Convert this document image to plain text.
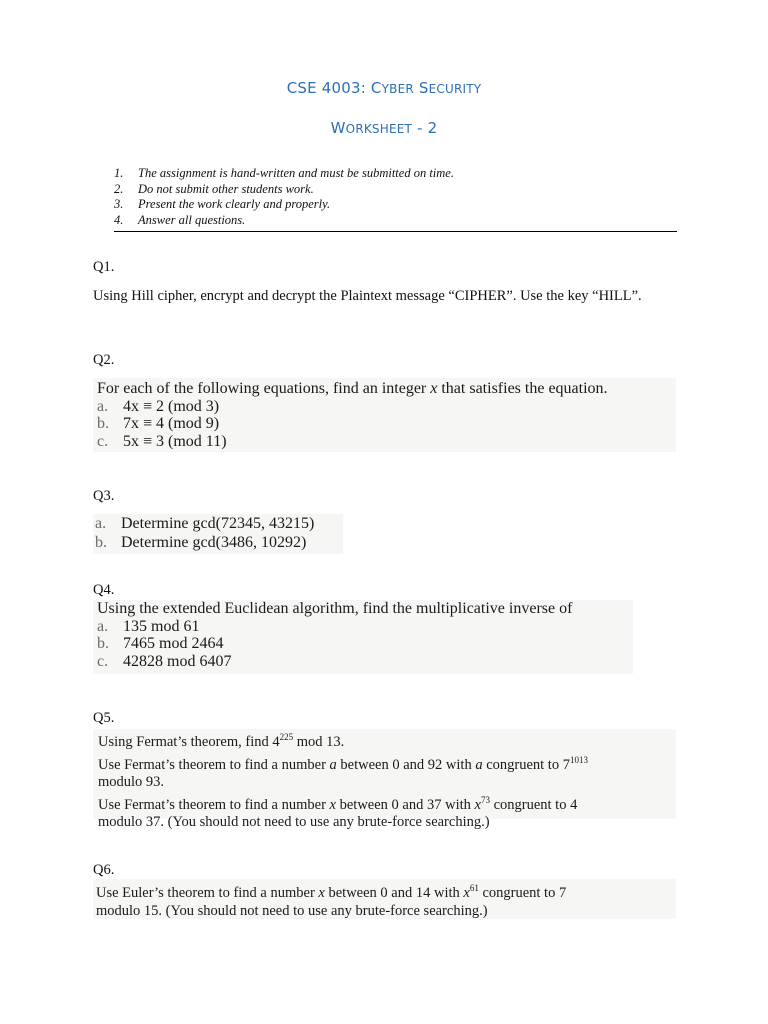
CSE 4003: CYBER SECURITY
WORKSHEET - 2
1.	The assignment is hand-written and must be submitted on time.
2.	Do not submit other students work.
3.	Present the work clearly and properly.
4.	Answer all questions.
Q1.
Using Hill cipher, encrypt and decrypt the Plaintext message “CIPHER”. Use the key “HILL”.
Q2.
For each of the following equations, find an integer x that satisfies the equation.
a. 4x ≡ 2 (mod 3)
b. 7x ≡ 4 (mod 9)
c. 5x ≡ 3 (mod 11)
Q3.
a. Determine gcd(72345, 43215)
b. Determine gcd(3486, 10292)
Q4.
Using the extended Euclidean algorithm, find the multiplicative inverse of
a. 135 mod 61
b. 7465 mod 2464
c. 42828 mod 6407
Q5.
Using Fermat’s theorem, find $4^{225}$ mod 13.
Use Fermat’s theorem to find a number a between 0 and 92 with a congruent to $7^{1013}$
modulo 93.
Use Fermat’s theorem to find a number x between 0 and 37 with $x^{73}$ congruent to 4
modulo 37. (You should not need to use any brute-force searching.)
Q6.
Use Euler’s theorem to find a number x between 0 and 14 with $x^{61}$ congruent to 7
modulo 15. (You should not need to use any brute-force searching.)
